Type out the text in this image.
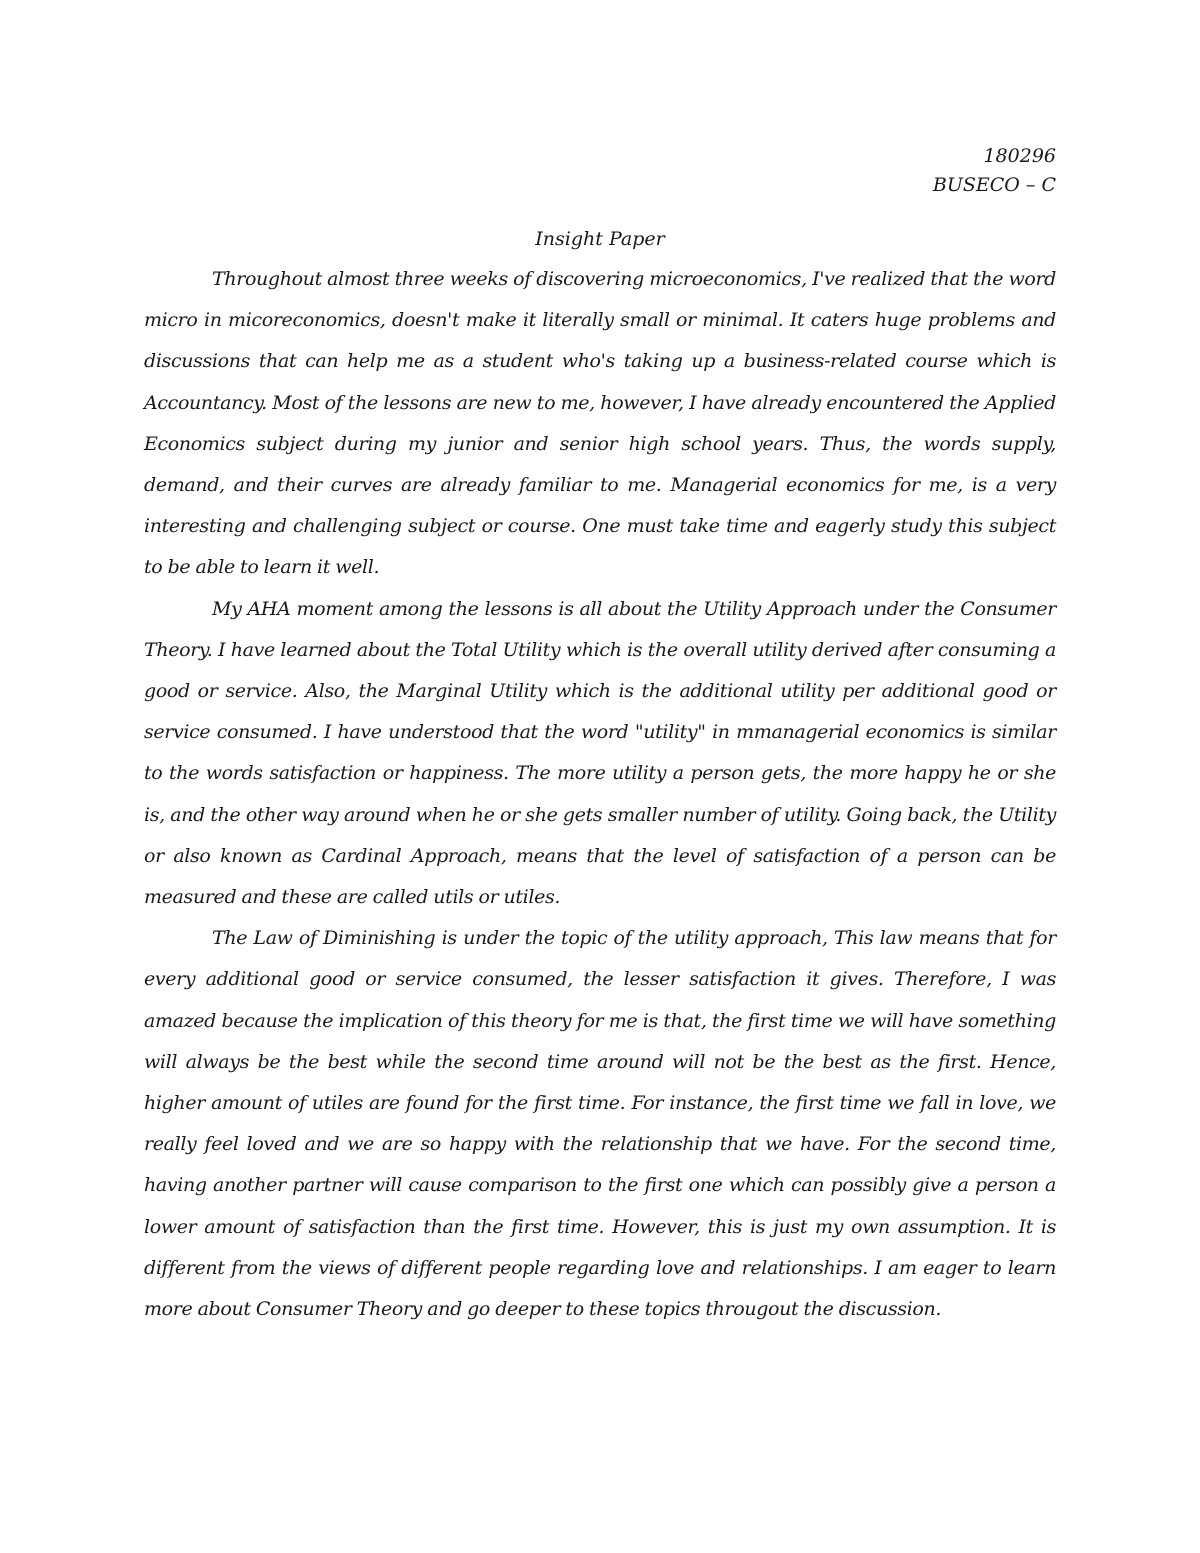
180296
BUSECO – C
Insight Paper

Throughout almost three weeks of discovering microeconomics, I've realized that the word micro in micoreconomics, doesn't make it literally small or minimal. It caters huge problems and discussions that can help me as a student who's taking up a business-related course which is Accountancy. Most of the lessons are new to me, however, I have already encountered the Applied Economics subject during my junior and senior high school years. Thus, the words supply, demand, and their curves are already familiar to me. Managerial economics for me, is a very interesting and challenging subject or course. One must take time and eagerly study this subject to be able to learn it well.

My AHA moment among the lessons is all about the Utility Approach under the Consumer Theory. I have learned about the Total Utility which is the overall utility derived after consuming a good or service. Also, the Marginal Utility which is the additional utility per additional good or service consumed. I have understood that the word "utility" in mmanagerial economics is similar to the words satisfaction or happiness. The more utility a person gets, the more happy he or she is, and the other way around when he or she gets smaller number of utility. Going back, the Utility or also known as Cardinal Approach, means that the level of satisfaction of a person can be measured and these are called utils or utiles.

The Law of Diminishing is under the topic of the utility approach, This law means that for every additional good or service consumed, the lesser satisfaction it gives. Therefore, I was amazed because the implication of this theory for me is that, the first time we will have something will always be the best while the second time around will not be the best as the first. Hence, higher amount of utiles are found for the first time. For instance, the first time we fall in love, we really feel loved and we are so happy with the relationship that we have. For the second time, having another partner will cause comparison to the first one which can possibly give a person a lower amount of satisfaction than the first time. However, this is just my own assumption. It is different from the views of different people regarding love and relationships. I am eager to learn more about Consumer Theory and go deeper to these topics througout the discussion.
